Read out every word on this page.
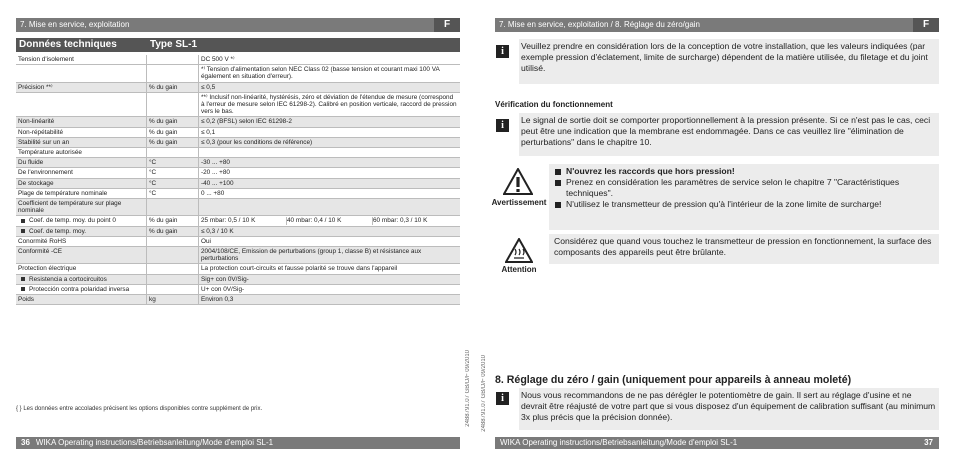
7. Mise en service, exploitation	F
Données techniques	Type SL-1
Tension d'isolement		DC 500 V *⁾
		*⁾ Tension d'alimentation selon NEC Class 02 (basse tension et courant maxi 100 VA également en situation d'erreur).
Précision **⁾	% du gain	≤ 0,5
		**⁾ Inclusif non-linéarité, hystérésis, zéro et déviation de l'étendue de mesure (correspond à l'erreur de mesure selon IEC 61298-2). Calibré en position verticale, raccord de pression vers le bas.
Non-linéarité	% du gain	≤ 0,2 (BFSL) selon IEC 61298-2
Non-répétabilité	% du gain	≤ 0,1
Stabilité sur un an	% du gain	≤ 0,3 (pour les conditions de référence)
Température autorisée		
Du fluide	°C	-30 ... +80
De l'environnement	°C	-20 ... +80
De stockage	°C	-40 ... +100
Plage de température nominale	°C	0 ... +80
Coefficient de température sur plage nominale		
Coef. de temp. moy. du point 0	% du gain	25 mbar: 0,5 / 10 K 40 mbar: 0,4 / 10 K 60 mbar: 0,3 / 10 K

Coef. de temp. moy.	% du gain	≤ 0,3 / 10 K
Conormité RoHS		Oui
Conformité -CE		2004/108/CE, Emission de perturbations (group 1, classe B) et résistance aux perturbations
Protection électrique		La protection court-circuits et fausse polarité se trouve dans l'appareil
Resistencia a cortocircuitos		Sig+ con 0V/Sig-
Protección contra polaridad inversa		U+ con 0V/Sig-
Poids	kg	Environ 0,3
{ } Les données entre accolades précisent les options disponibles contre supplément de prix.	2488791.07 GB/D/F 09/2010
36 WIKA Operating instructions/Betriebsanleitung/Mode d'emploi SL-1
7. Mise en service, exploitation / 8. Réglage du zéro/gain	F
i	Veuillez prendre en considération lors de la conception de votre installation, que les valeurs indiquées (par exemple pression d'éclatement, limite de surcharge) dépendent de la matière utilisée, du filetage et du joint utilisé.
Vérification du fonctionnement
i	Le signal de sortie doit se comporter proportionnellement à la pression présente. Si ce n'est pas le cas, ceci peut être une indication que la membrane est endommagée. Dans ce cas veuillez lire "élimination de perturbations" dans le chapitre 10.
Avertissement
N'ouvrez les raccords que hors pression!
Prenez en considération les paramètres de service selon le chapitre 7 "Caractéristiques techniques".
N'utilisez le transmetteur de pression qu'à l'intérieur de la zone limite de surcharge!
Attention
Considérez que quand vous touchez le transmetteur de pression en fonctionnement, la surface des composants des appareils peut être brûlante.
8. Réglage du zéro / gain (uniquement pour appareils à anneau moleté)
i	Nous vous recommandons de ne pas dérégler le potentiomètre de gain. Il sert au réglage d'usine et ne devrait être réajusté de votre part que si vous disposez d'un équipement de calibration suffisant (au minimum 3x plus précis que la précision donnée).
2488791.07 GB/D/F 09/2010
WIKA Operating instructions/Betriebsanleitung/Mode d'emploi SL-1	37
